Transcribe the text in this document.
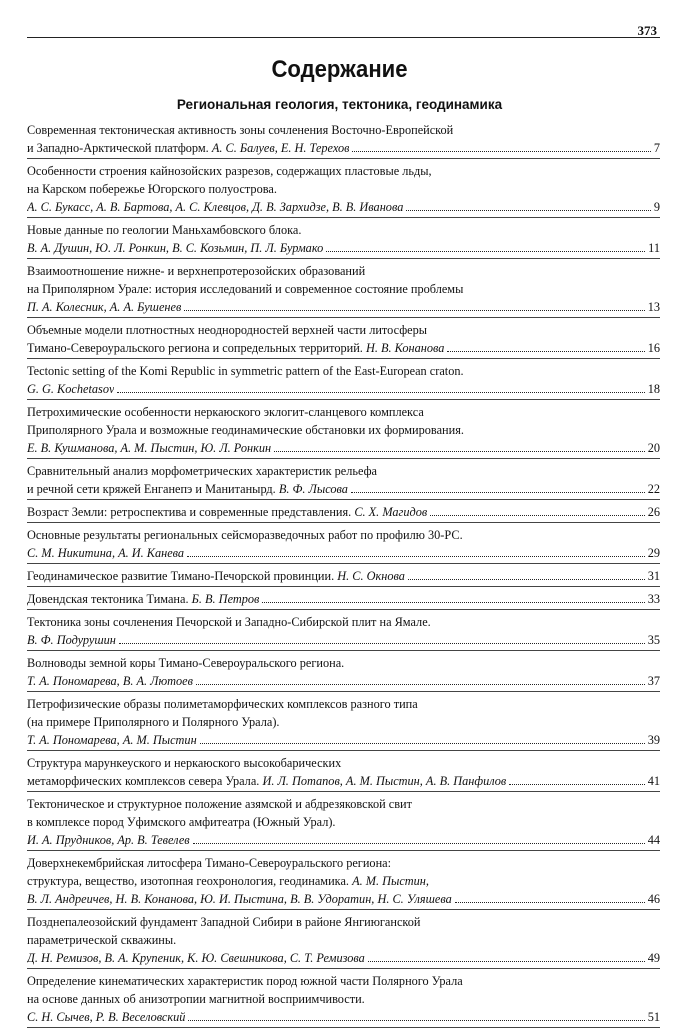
373
Содержание
Региональная геология, тектоника, геодинамика
Современная тектоническая активность зоны сочленения Восточно-Европейской
и Западно-Арктической платформ. А. С. Балуев, Е. Н. Терехов	7
Особенности строения кайнозойских разрезов, содержащих пластовые льды,
на Карском побережье Югорского полуострова.
А. С. Букасс, А. В. Бартова, А. С. Клевцов, Д. В. Зархидзе, В. В. Иванова	9
Новые данные по геологии Маньхамбовского блока.
В. А. Душин, Ю. Л. Ронкин, В. С. Козьмин, П. Л. Бурмако	11
Взаимоотношение нижне- и верхнепротерозойских образований
на Приполярном Урале: история исследований и современное состояние проблемы
П. А. Колесник, А. А. Бушенев	13
Объемные модели плотностных неоднородностей верхней части литосферы
Тимано-Североуральского региона и сопредельных территорий. Н. В. Конанова	16
Tectonic setting of the Komi Republic in symmetric pattern of the East-European craton.
G. G. Kochetasov	18
Петрохимические особенности неркаюского эклогит-сланцевого комплекса
Приполярного Урала и возможные геодинамические обстановки их формирования.
Е. В. Кушманова, А. М. Пыстин, Ю. Л. Ронкин	20
Сравнительный анализ морфометрических характеристик рельефа
и речной сети кряжей Енганепэ и Манитанырд. В. Ф. Лысова	22
Возраст Земли: ретроспектива и современные представления. С. Х. Магидов	26
Основные результаты региональных сейсморазведочных работ по профилю 30-РС.
С. М. Никитина, А. И. Канева	29
Геодинамическое развитие Тимано-Печорской провинции. Н. С. Окнова	31
Довендская тектоника Тимана. Б. В. Петров	33
Тектоника зоны сочленения Печорской и Западно-Сибирской плит на Ямале.
В. Ф. Подурушин	35
Волноводы земной коры Тимано-Североуральского региона.
Т. А. Пономарева, В. А. Лютоев	37
Петрофизические образы полиметаморфических комплексов разного типа
(на примере Приполярного и Полярного Урала).
Т. А. Пономарева, А. М. Пыстин	39
Структура марункеуского и неркаюского высокобарических
метаморфических комплексов севера Урала. И. Л. Потапов, А. М. Пыстин, А. В. Панфилов	41
Тектоническое и структурное положение азямской и абдрезяковской свит
в комплексе пород Уфимского амфитеатра (Южный Урал).
И. А. Прудников, Ар. В. Тевелев	44
Доверхнекембрийская литосфера Тимано-Североуральского региона:
структура, вещество, изотопная геохронология, геодинамика. А. М. Пыстин,
В. Л. Андреичев, Н. В. Конанова, Ю. И. Пыстина, В. В. Удоратин, Н. С. Уляшева	46
Позднепалеозойский фундамент Западной Сибири в районе Янгиюганской
параметрической скважины.
Д. Н. Ремизов, В. А. Крупеник, К. Ю. Свешникова, С. Т. Ремизова	49
Определение кинематических характеристик пород южной части Полярного Урала
на основе данных об анизотропии магнитной восприимчивости.
С. Н. Сычев, Р. В. Веселовский	51
